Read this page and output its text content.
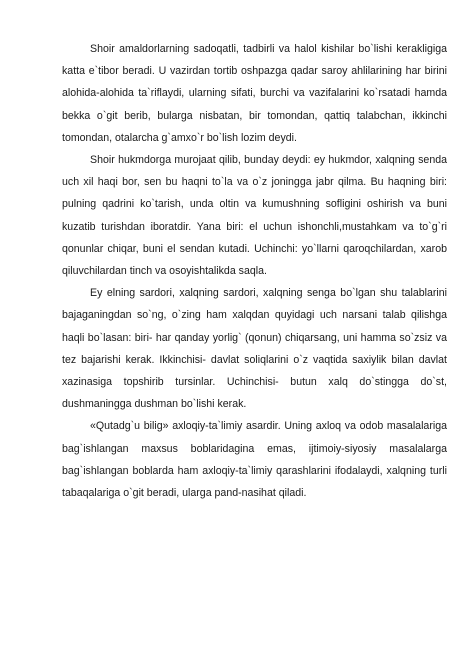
Shoir amaldorlarning sadoqatli, tadbirli va halol kishilar bo`lishi kerakligiga katta e`tibor beradi. U vazirdan tortib oshpazga qadar saroy ahlilarining har birini alohida-alohida ta`riflaydi, ularning sifati, burchi va vazifalarini ko`rsatadi hamda bekka o`git berib, bularga nisbatan, bir tomondan, qattiq talabchan, ikkinchi tomondan, otalarcha g`amxo`r bo`lish lozim deydi.

Shoir hukmdorga murojaat qilib, bunday deydi: ey hukmdor, xalqning senda uch xil haqi bor, sen bu haqni to`la va o`z joningga jabr qilma. Bu haqning biri: pulning qadrini ko`tarish, unda oltin va kumushning sofligini oshirish va buni kuzatib turishdan iboratdir. Yana biri: el uchun ishonchli,mustahkam va to`g`ri qonunlar chiqar, buni el sendan kutadi. Uchinchi: yo`llarni qaroqchilardan, xarob qiluvchilardan tinch va osoyishtalikda saqla.

Ey elning sardori, xalqning sardori, xalqning senga bo`lgan shu talablarini bajaganingdan so`ng, o`zing ham xalqdan quyidagi uch narsani talab qilishga haqli bo`lasan: biri- har qanday yorlig` (qonun) chiqarsang, uni hamma so`zsiz va tez bajarishi kerak. Ikkinchisi- davlat soliqlarini o`z vaqtida saxiylik bilan davlat xazinasiga topshirib tursinlar. Uchinchisi- butun xalq do`stingga do`st, dushmaningga dushman bo`lishi kerak.

«Qutadg`u bilig» axloqiy-ta`limiy asardir. Uning axloq va odob masalalariga bag`ishlangan maxsus boblaridagina emas, ijtimoiy-siyosiy masalalarga bag`ishlangan boblarda ham axloqiy-ta`limiy qarashlarini ifodalaydi, xalqning turli tabaqalariga o`git beradi, ularga pand-nasihat qiladi.
